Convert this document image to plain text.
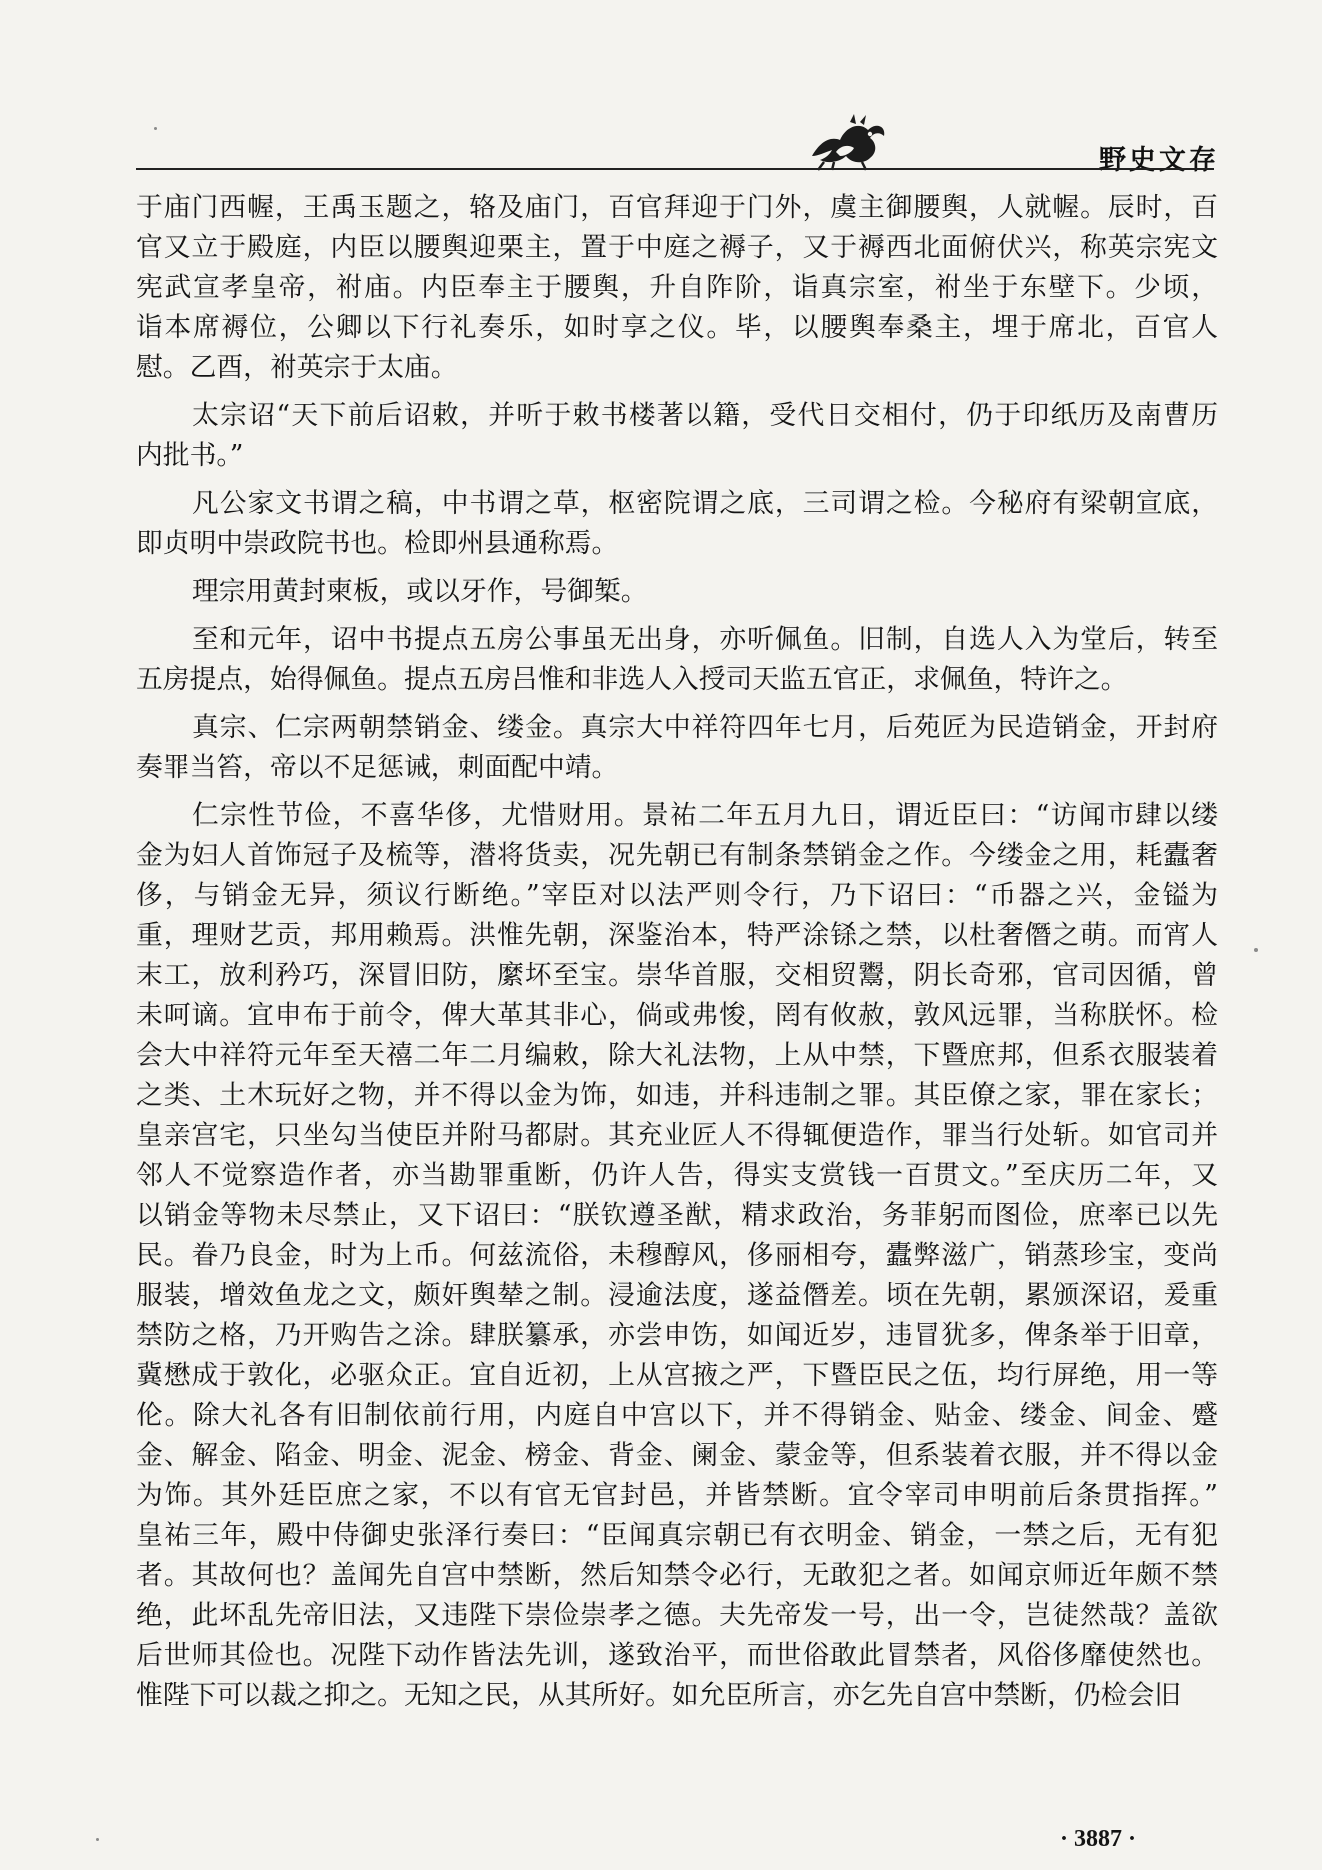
野史文存
于庙门西幄，王禹玉题之，辂及庙门，百官拜迎于门外，虞主御腰舆，人就幄。辰时，百
官又立于殿庭，内臣以腰舆迎栗主，置于中庭之褥子，又于褥西北面俯伏兴，称英宗宪文
宪武宣孝皇帝，祔庙。内臣奉主于腰舆，升自阼阶，诣真宗室，祔坐于东壁下。少顷，
诣本席褥位，公卿以下行礼奏乐，如时享之仪。毕，以腰舆奉桑主，埋于席北，百官人
慰。乙酉，祔英宗于太庙。
太宗诏“天下前后诏敕，并听于敕书楼著以籍，受代日交相付，仍于印纸历及南曹历
内批书。”
凡公家文书谓之稿，中书谓之草，枢密院谓之底，三司谓之检。今秘府有梁朝宣底，
即贞明中崇政院书也。检即州县通称焉。
理宗用黄封柬板，或以牙作，号御椠。
至和元年，诏中书提点五房公事虽无出身，亦听佩鱼。旧制，自选人入为堂后，转至
五房提点，始得佩鱼。提点五房吕惟和非选人入授司天监五官正，求佩鱼，特许之。
真宗、仁宗两朝禁销金、缕金。真宗大中祥符四年七月，后苑匠为民造销金，开封府
奏罪当笞，帝以不足惩诫，刺面配中靖。
仁宗性节俭，不喜华侈，尤惜财用。景祐二年五月九日，谓近臣曰：“访闻市肆以缕
金为妇人首饰冠子及梳等，潜将货卖，况先朝已有制条禁销金之作。今缕金之用，耗蠹奢
侈，与销金无异，须议行断绝。”宰臣对以法严则令行，乃下诏曰：“币器之兴，金镒为
重，理财艺贡，邦用赖焉。洪惟先朝，深鉴治本，特严涂铩之禁，以杜奢僭之萌。而宵人
末工，放利矜巧，深冒旧防，縻坏至宝。崇华首服，交相贸鬻，阴长奇邪，官司因循，曾
未呵谪。宜申布于前令，俾大革其非心，倘或弗悛，罔有攸赦，敦风远罪，当称朕怀。检
会大中祥符元年至天禧二年二月编敕，除大礼法物，上从中禁，下暨庶邦，但系衣服装着
之类、土木玩好之物，并不得以金为饰，如违，并科违制之罪。其臣僚之家，罪在家长；
皇亲宫宅，只坐勾当使臣并附马都尉。其充业匠人不得辄便造作，罪当行处斩。如官司并
邻人不觉察造作者，亦当勘罪重断，仍许人告，得实支赏钱一百贯文。”至庆历二年，又
以销金等物未尽禁止，又下诏曰：“朕钦遵圣猷，精求政治，务菲躬而图俭，庶率已以先
民。眷乃良金，时为上币。何兹流俗，未穆醇风，侈丽相夸，蠹弊滋广，销蒸珍宝，变尚
服装，增效鱼龙之文，颇奸舆辇之制。浸逾法度，遂益僭差。顷在先朝，累颁深诏，爰重
禁防之格，乃开购告之涂。肆朕纂承，亦尝申饬，如闻近岁，违冒犹多，俾条举于旧章，
冀懋成于敦化，必驱众正。宜自近初，上从宫掖之严，下暨臣民之伍，均行屏绝，用一等
伦。除大礼各有旧制依前行用，内庭自中宫以下，并不得销金、贴金、缕金、间金、蹙
金、解金、陷金、明金、泥金、榜金、背金、阑金、蒙金等，但系装着衣服，并不得以金
为饰。其外廷臣庶之家，不以有官无官封邑，并皆禁断。宜令宰司申明前后条贯指挥。”
皇祐三年，殿中侍御史张泽行奏曰：“臣闻真宗朝已有衣明金、销金，一禁之后，无有犯
者。其故何也？盖闻先自宫中禁断，然后知禁令必行，无敢犯之者。如闻京师近年颇不禁
绝，此坏乱先帝旧法，又违陛下崇俭崇孝之德。夫先帝发一号，出一令，岂徒然哉？盖欲
后世师其俭也。况陛下动作皆法先训，遂致治平，而世俗敢此冒禁者，风俗侈靡使然也。
惟陛下可以裁之抑之。无知之民，从其所好。如允臣所言，亦乞先自宫中禁断，仍检会旧
· 3887 ·
